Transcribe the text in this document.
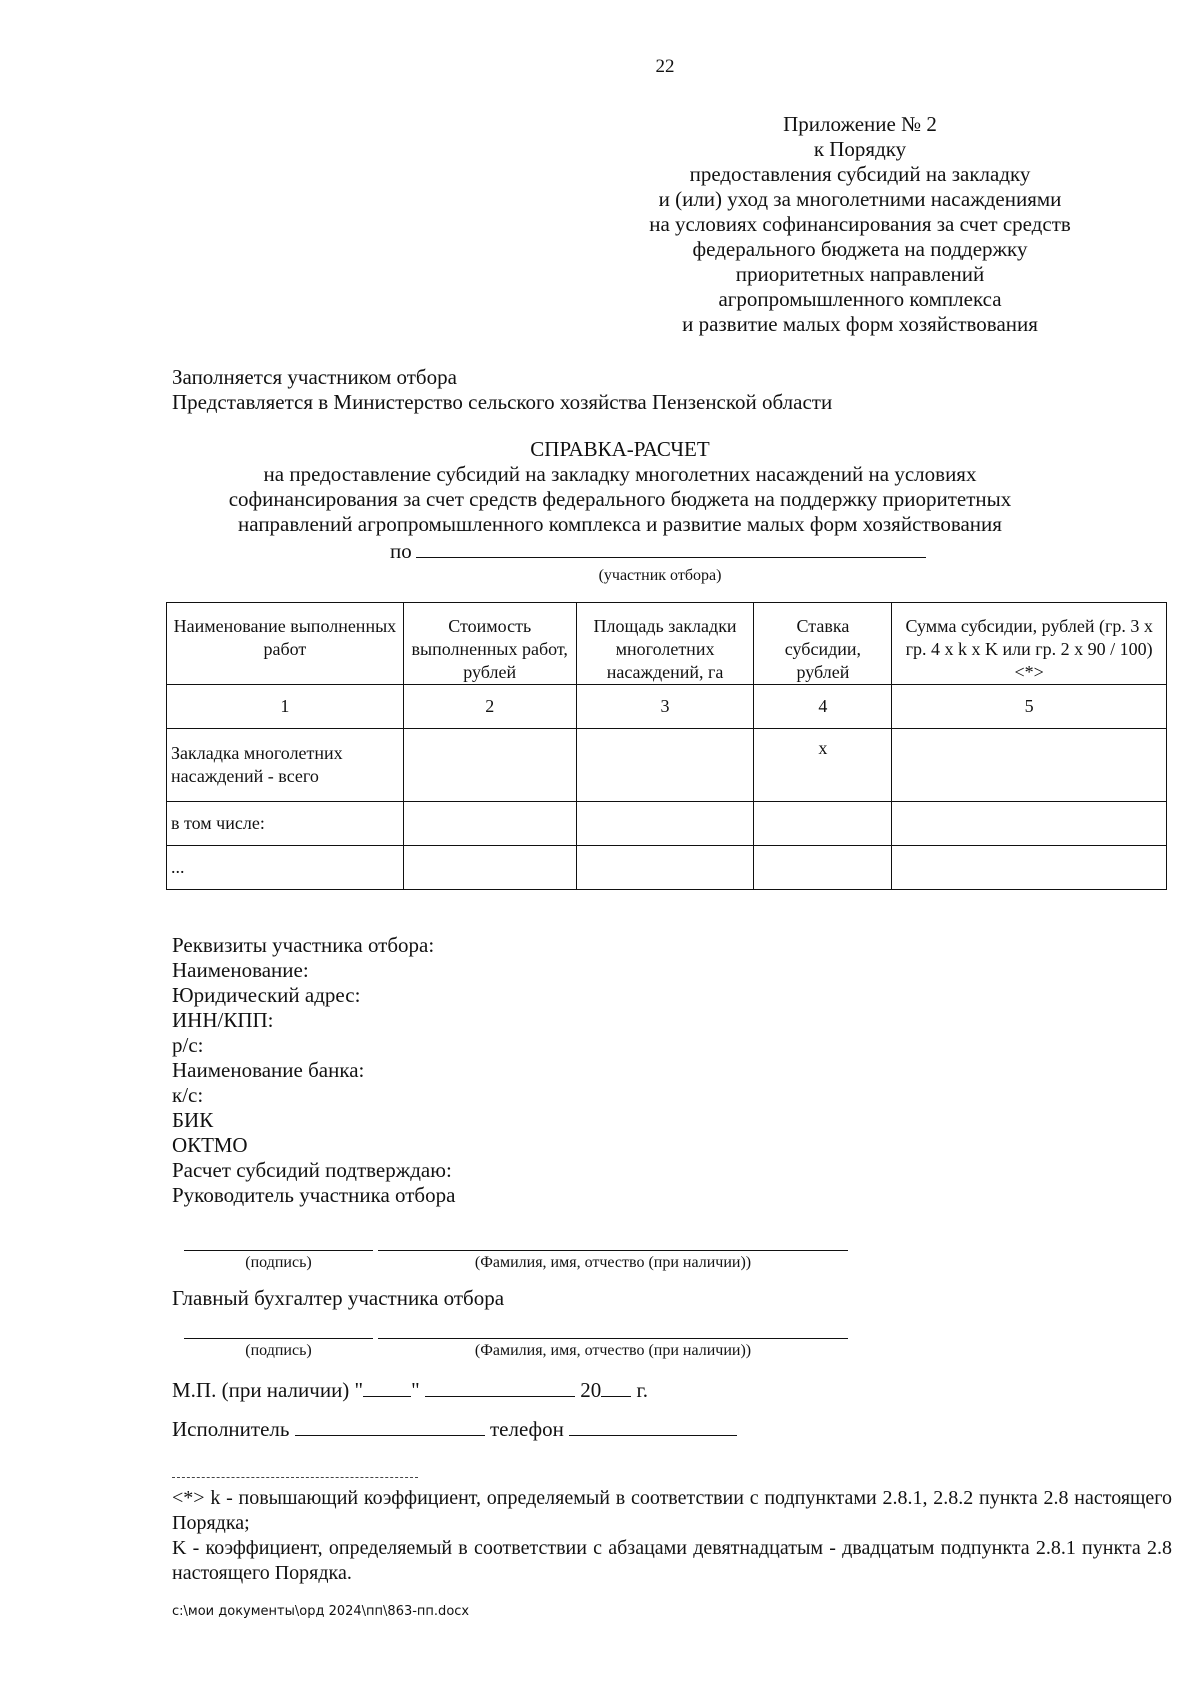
22
Приложение № 2
к Порядку
предоставления субсидий на закладку
и (или) уход за многолетними насаждениями
на условиях софинансирования за счет средств
федерального бюджета на поддержку
приоритетных направлений
агропромышленного комплекса
и развитие малых форм хозяйствования
Заполняется участником отбора
Представляется в Министерство сельского хозяйства Пензенской области
СПРАВКА-РАСЧЕТ
на предоставление субсидий на закладку многолетних насаждений на условиях
софинансирования за счет средств федерального бюджета на поддержку приоритетных
направлений агропромышленного комплекса и развитие малых форм хозяйствования
по
(участник отбора)
Наименование выполненных работ	Стоимость выполненных работ, рублей	Площадь закладки многолетних насаждений, га	Ставка субсидии, рублей	Сумма субсидии, рублей (гр. 3 x гр. 4 x k x K или гр. 2 x 90 / 100) <*>
1	2	3	4	5
Закладка многолетних насаждений - всего			x	
в том числе:				
...				
Реквизиты участника отбора:
Наименование:
Юридический адрес:
ИНН/КПП:
р/с:
Наименование банка:
к/с:
БИК
ОКТМО
Расчет субсидий подтверждаю:
Руководитель участника отбора
(подпись)	(Фамилия, имя, отчество (при наличии))
Главный бухгалтер участника отбора
(подпись)	(Фамилия, имя, отчество (при наличии))
М.П. (при наличии) " "	20 г.
Исполнитель	телефон

<*> k - повышающий коэффициент, определяемый в соответствии с подпунктами 2.8.1, 2.8.2 пункта 2.8 настоящего Порядка;

K - коэффициент, определяемый в соответствии с абзацами девятнадцатым - двадцатым подпункта 2.8.1 пункта 2.8 настоящего Порядка.

c:\мои документы\орд 2024\пп\863-пп.docx
